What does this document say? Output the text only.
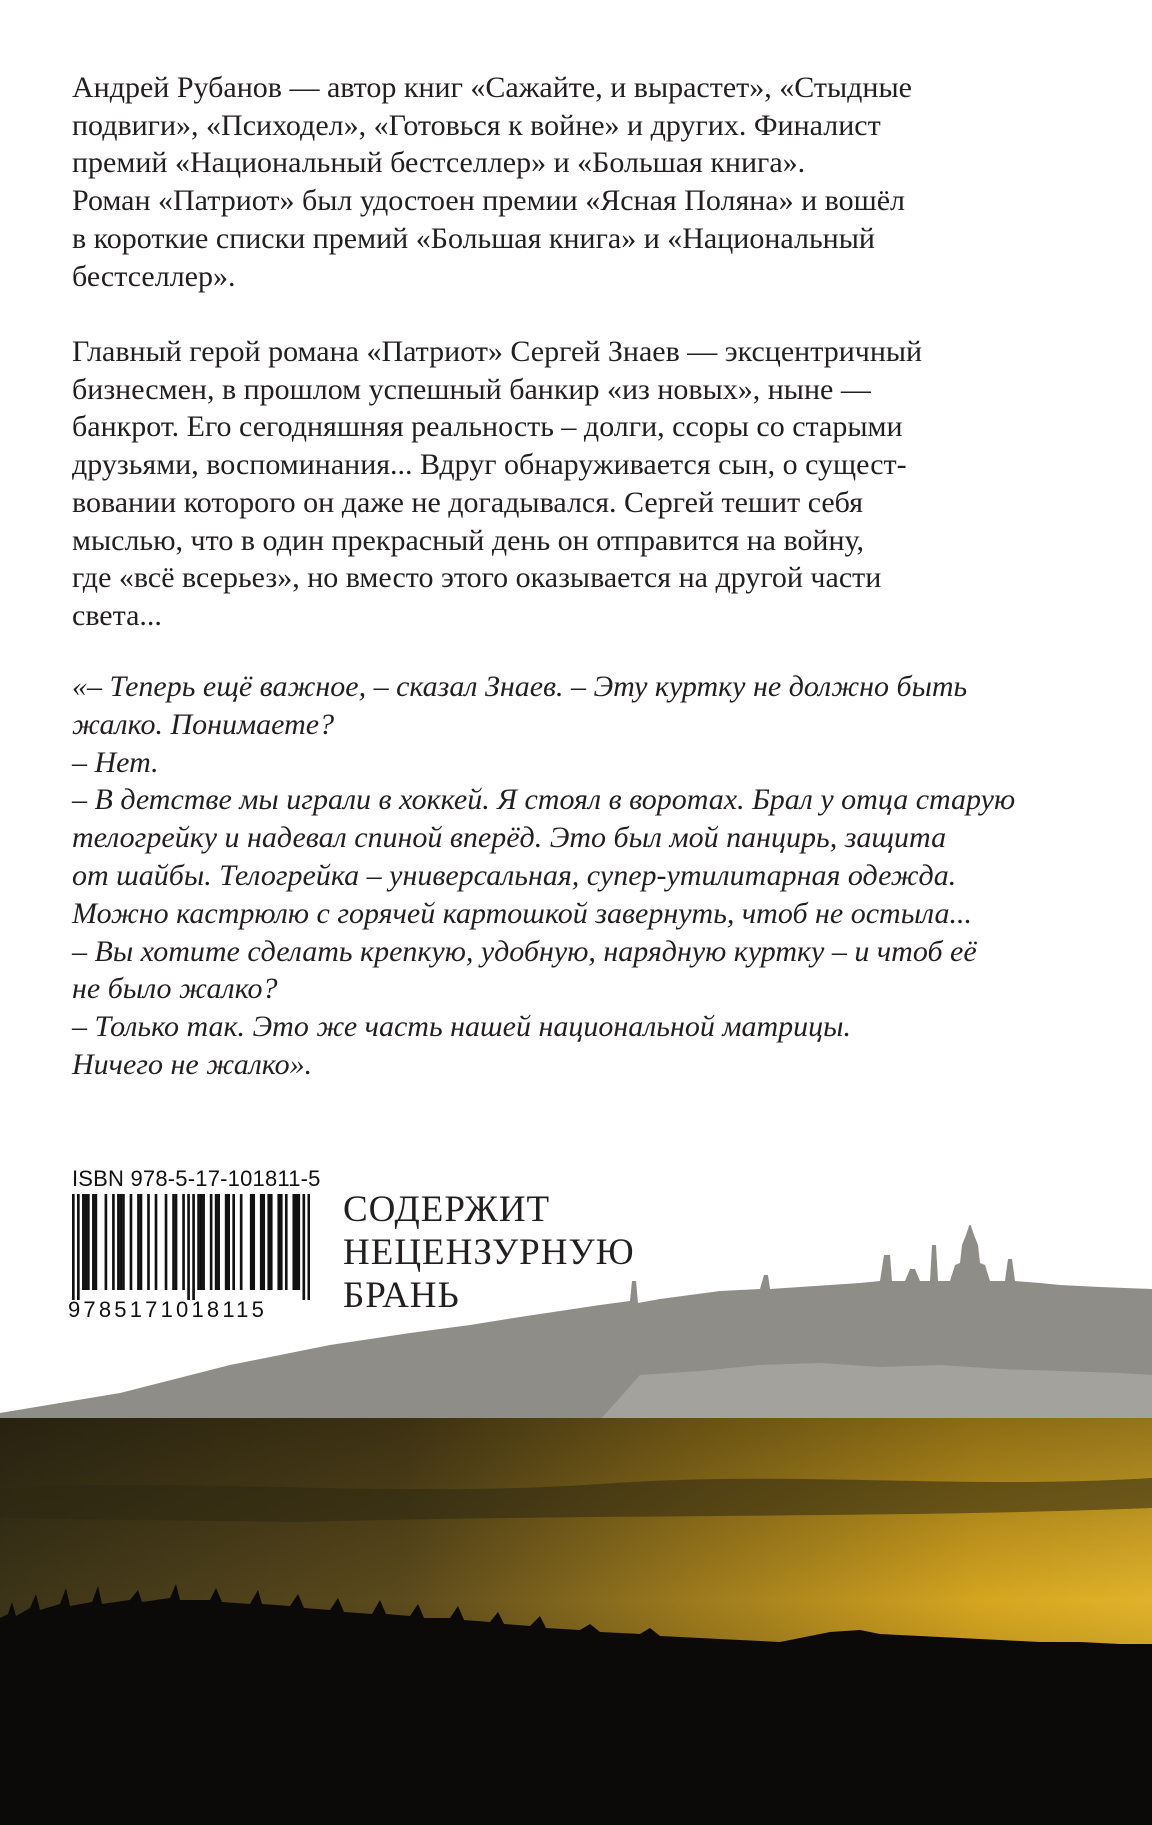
Андрей Рубанов — автор книг «Сажайте, и вырастет», «Стыдные
подвиги», «Психодел», «Готовься к войне» и других. Финалист
премий «Национальный бестселлер» и «Большая книга».
Роман «Патриот» был удостоен премии «Ясная Поляна» и вошёл
в короткие списки премий «Большая книга» и «Национальный
бестселлер».

Главный герой романа «Патриот» Сергей Знаев — эксцентричный
бизнесмен, в прошлом успешный банкир «из новых», ныне —
банкрот. Его сегодняшняя реальность – долги, ссоры со старыми
друзьями, воспоминания... Вдруг обнаруживается сын, о сущест-
вовании которого он даже не догадывался. Сергей тешит себя
мыслью, что в один прекрасный день он отправится на войну,
где «всё всерьез», но вместо этого оказывается на другой части
света...

«– Теперь ещё важное, – сказал Знаев. – Эту куртку не должно быть
жалко. Понимаете?
– Нет.
– В детстве мы играли в хоккей. Я стоял в воротах. Брал у отца старую
телогрейку и надевал спиной вперёд. Это был мой панцирь, защита
от шайбы. Телогрейка – универсальная, супер-утилитарная одежда.
Можно кастрюлю с горячей картошкой завернуть, чтоб не остыла...
– Вы хотите сделать крепкую, удобную, нарядную куртку – и чтоб её
не было жалко?
– Только так. Это же часть нашей национальной матрицы.
Ничего не жалко».

ISBN 978-5-17-101811-5
9785171018115
СОДЕРЖИТ
НЕЦЕНЗУРНУЮ
БРАНЬ
